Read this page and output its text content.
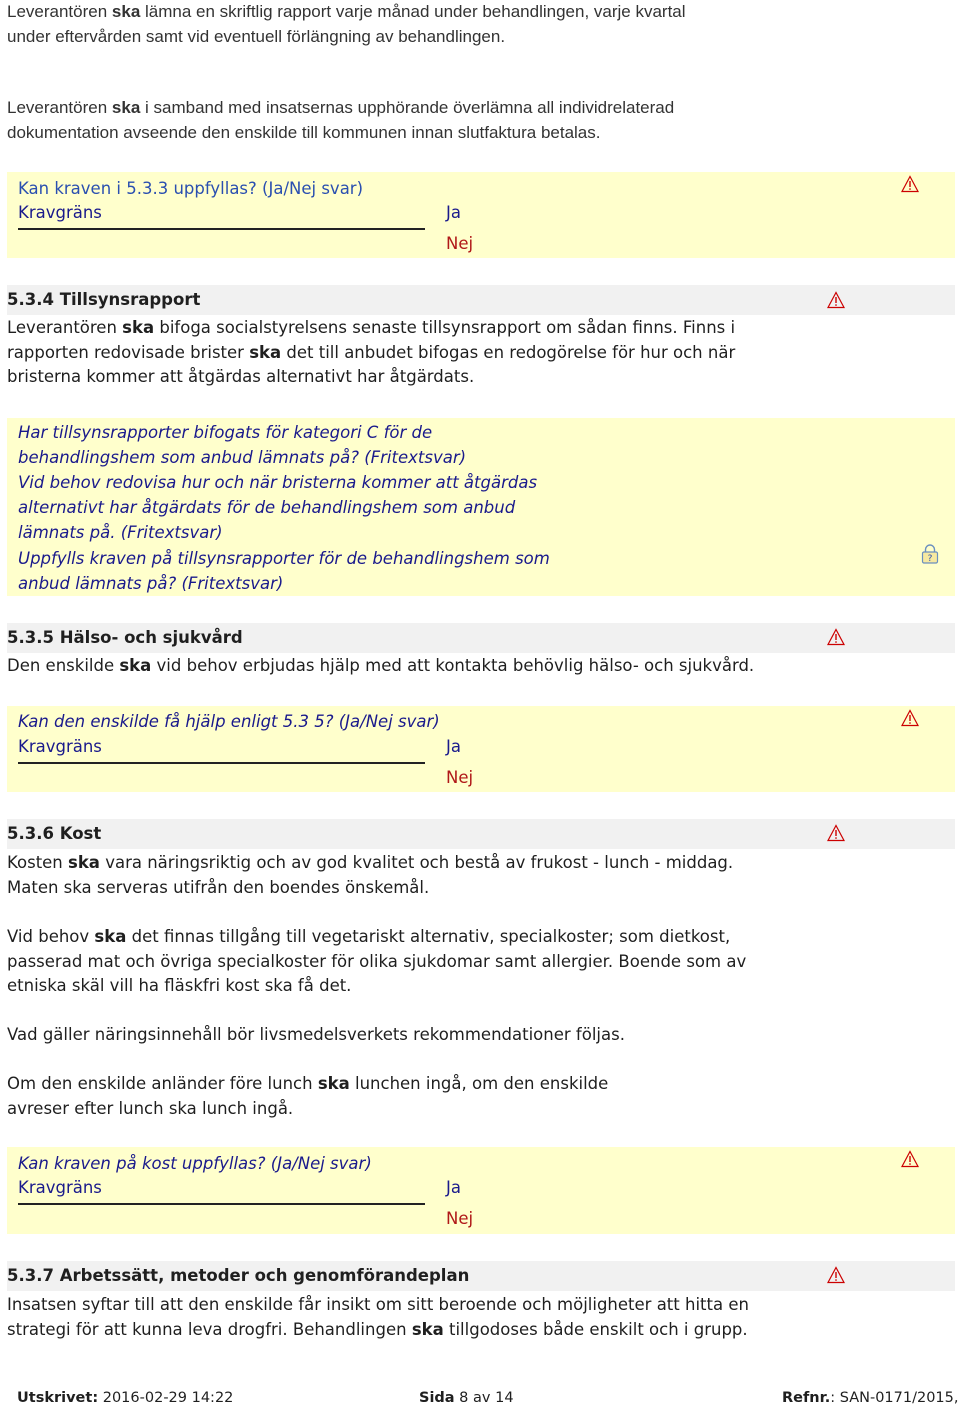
Leverantören ska lämna en skriftlig rapport varje månad under behandlingen, varje kvartal
under eftervården samt vid eventuell förlängning av behandlingen.

Leverantören ska i samband med insatsernas upphörande överlämna all individrelaterad
dokumentation avseende den enskilde till kommunen innan slutfaktura betalas.

Kan kraven i 5.3.3 uppfyllas? (Ja/Nej svar)
Kravgräns	Ja
Nej
5.3.4 Tillsynsrapport

Leverantören ska bifoga socialstyrelsens senaste tillsynsrapport om sådan finns. Finns i
rapporten redovisade brister ska det till anbudet bifogas en redogörelse för hur och när
bristerna kommer att åtgärdas alternativt har åtgärdats.

Har tillsynsrapporter bifogats för kategori C för de
behandlingshem som anbud lämnats på? (Fritextsvar)
Vid behov redovisa hur och när bristerna kommer att åtgärdas
alternativt har åtgärdats för de behandlingshem som anbud
lämnats på. (Fritextsvar)
Uppfylls kraven på tillsynsrapporter för de behandlingshem som
anbud lämnats på? (Fritextsvar)
?
5.3.5 Hälso- och sjukvård

Den enskilde ska vid behov erbjudas hjälp med att kontakta behövlig hälso- och sjukvård.

Kan den enskilde få hjälp enligt 5.3 5? (Ja/Nej svar)
Kravgräns	Ja
Nej
5.3.6 Kost

Kosten ska vara näringsriktig och av god kvalitet och bestå av frukost - lunch - middag.
Maten ska serveras utifrån den boendes önskemål.

Vid behov ska det finnas tillgång till vegetariskt alternativ, specialkoster; som dietkost,
passerad mat och övriga specialkoster för olika sjukdomar samt allergier. Boende som av
etniska skäl vill ha fläskfri kost ska få det.

Vad gäller näringsinnehåll bör livsmedelsverkets rekommendationer följas.

Om den enskilde anländer före lunch ska lunchen ingå, om den enskilde
avreser efter lunch ska lunch ingå.

Kan kraven på kost uppfyllas? (Ja/Nej svar)
Kravgräns	Ja
Nej
5.3.7 Arbetssätt, metoder och genomförandeplan

Insatsen syftar till att den enskilde får insikt om sitt beroende och möjligheter att hitta en
strategi för att kunna leva drogfri. Behandlingen ska tillgodoses både enskilt och i grupp.

Utskrivet: 2016-02-29 14:22	Sida 8 av 14	Refnr.: SAN-0171/2015,
